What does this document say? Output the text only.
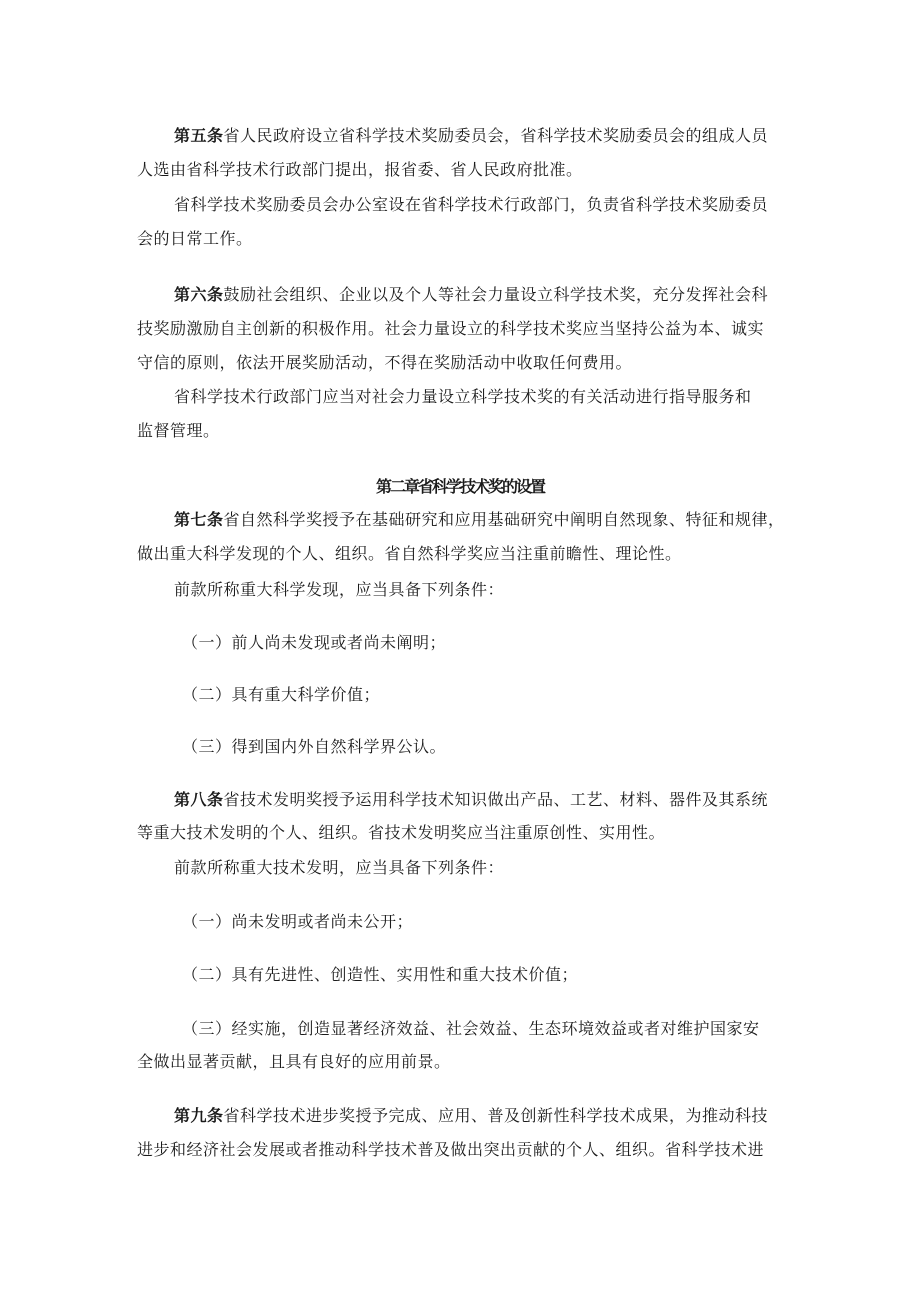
第五条省人民政府设立省科学技术奖励委员会，省科学技术奖励委员会的组成人员
人选由省科学技术行政部门提出，报省委、省人民政府批准。
省科学技术奖励委员会办公室设在省科学技术行政部门，负责省科学技术奖励委员
会的日常工作。
第六条鼓励社会组织、企业以及个人等社会力量设立科学技术奖，充分发挥社会科
技奖励激励自主创新的积极作用。社会力量设立的科学技术奖应当坚持公益为本、诚实
守信的原则，依法开展奖励活动，不得在奖励活动中收取任何费用。
省科学技术行政部门应当对社会力量设立科学技术奖的有关活动进行指导服务和
监督管理。
第二章省科学技术奖的设置
第七条省自然科学奖授予在基础研究和应用基础研究中阐明自然现象、特征和规律，
做出重大科学发现的个人、组织。省自然科学奖应当注重前瞻性、理论性。
前款所称重大科学发现，应当具备下列条件：
（一）前人尚未发现或者尚未阐明；
（二）具有重大科学价值；
（三）得到国内外自然科学界公认。
第八条省技术发明奖授予运用科学技术知识做出产品、工艺、材料、器件及其系统
等重大技术发明的个人、组织。省技术发明奖应当注重原创性、实用性。
前款所称重大技术发明，应当具备下列条件：
（一）尚未发明或者尚未公开；
（二）具有先进性、创造性、实用性和重大技术价值；
（三）经实施，创造显著经济效益、社会效益、生态环境效益或者对维护国家安
全做出显著贡献，且具有良好的应用前景。
第九条省科学技术进步奖授予完成、应用、普及创新性科学技术成果，为推动科技
进步和经济社会发展或者推动科学技术普及做出突出贡献的个人、组织。省科学技术进
